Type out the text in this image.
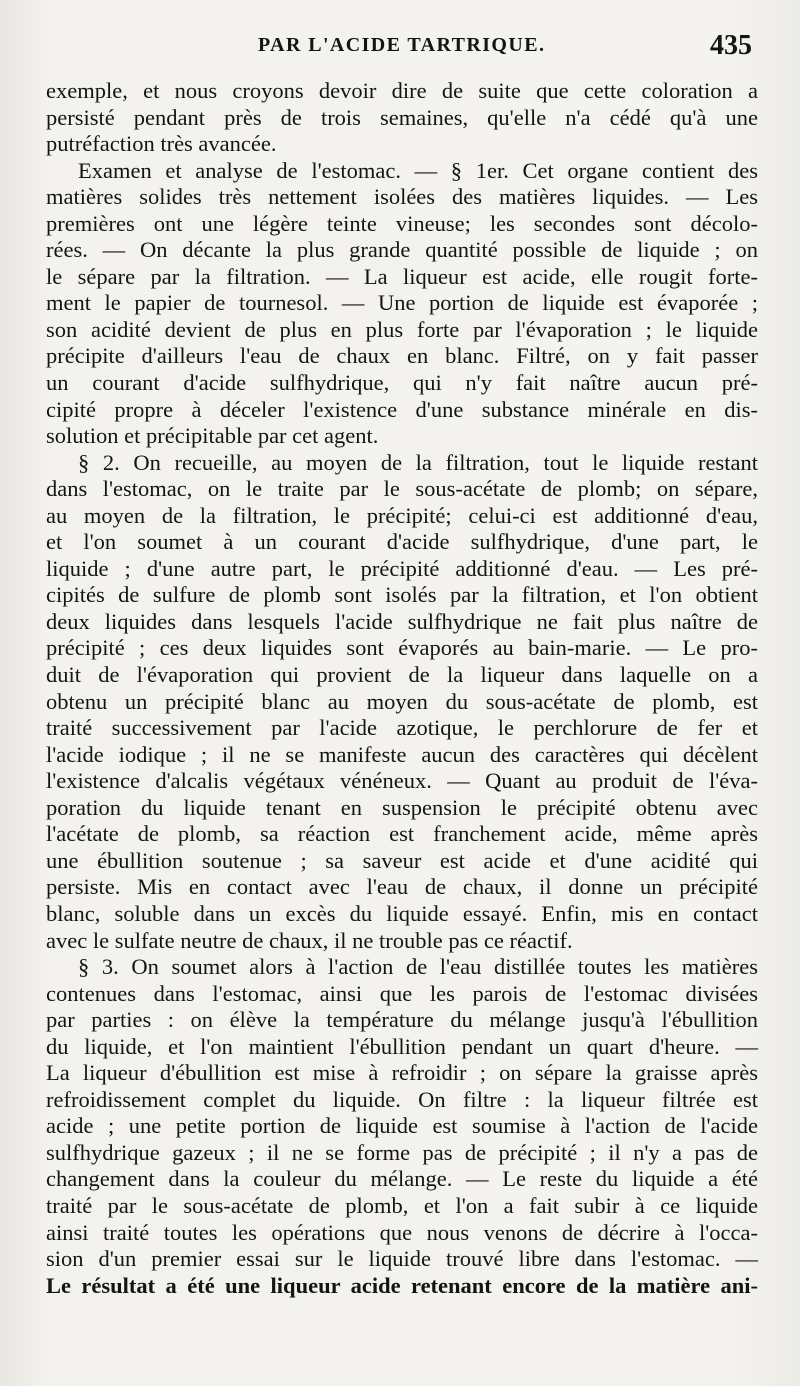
PAR L'ACIDE TARTRIQUE.	435
exemple, et nous croyons devoir dire de suite que cette coloration a
persisté pendant près de trois semaines, qu'elle n'a cédé qu'à une
putréfaction très avancée.
Examen et analyse de l'estomac. — § 1er. Cet organe contient des
matières solides très nettement isolées des matières liquides. — Les
premières ont une légère teinte vineuse; les secondes sont décolo-
rées. — On décante la plus grande quantité possible de liquide ; on
le sépare par la filtration. — La liqueur est acide, elle rougit forte-
ment le papier de tournesol. — Une portion de liquide est évaporée ;
son acidité devient de plus en plus forte par l'évaporation ; le liquide
précipite d'ailleurs l'eau de chaux en blanc. Filtré, on y fait passer
un courant d'acide sulfhydrique, qui n'y fait naître aucun pré-
cipité propre à déceler l'existence d'une substance minérale en dis-
solution et précipitable par cet agent.
§ 2. On recueille, au moyen de la filtration, tout le liquide restant
dans l'estomac, on le traite par le sous-acétate de plomb; on sépare,
au moyen de la filtration, le précipité; celui-ci est additionné d'eau,
et l'on soumet à un courant d'acide sulfhydrique, d'une part, le
liquide ; d'une autre part, le précipité additionné d'eau. — Les pré-
cipités de sulfure de plomb sont isolés par la filtration, et l'on obtient
deux liquides dans lesquels l'acide sulfhydrique ne fait plus naître de
précipité ; ces deux liquides sont évaporés au bain-marie. — Le pro-
duit de l'évaporation qui provient de la liqueur dans laquelle on a
obtenu un précipité blanc au moyen du sous-acétate de plomb, est
traité successivement par l'acide azotique, le perchlorure de fer et
l'acide iodique ; il ne se manifeste aucun des caractères qui décèlent
l'existence d'alcalis végétaux vénéneux. — Quant au produit de l'éva-
poration du liquide tenant en suspension le précipité obtenu avec
l'acétate de plomb, sa réaction est franchement acide, même après
une ébullition soutenue ; sa saveur est acide et d'une acidité qui
persiste. Mis en contact avec l'eau de chaux, il donne un précipité
blanc, soluble dans un excès du liquide essayé. Enfin, mis en contact
avec le sulfate neutre de chaux, il ne trouble pas ce réactif.
§ 3. On soumet alors à l'action de l'eau distillée toutes les matières
contenues dans l'estomac, ainsi que les parois de l'estomac divisées
par parties : on élève la température du mélange jusqu'à l'ébullition
du liquide, et l'on maintient l'ébullition pendant un quart d'heure. —
La liqueur d'ébullition est mise à refroidir ; on sépare la graisse après
refroidissement complet du liquide. On filtre : la liqueur filtrée est
acide ; une petite portion de liquide est soumise à l'action de l'acide
sulfhydrique gazeux ; il ne se forme pas de précipité ; il n'y a pas de
changement dans la couleur du mélange. — Le reste du liquide a été
traité par le sous-acétate de plomb, et l'on a fait subir à ce liquide
ainsi traité toutes les opérations que nous venons de décrire à l'occa-
sion d'un premier essai sur le liquide trouvé libre dans l'estomac. —
Le résultat a été une liqueur acide retenant encore de la matière ani-
